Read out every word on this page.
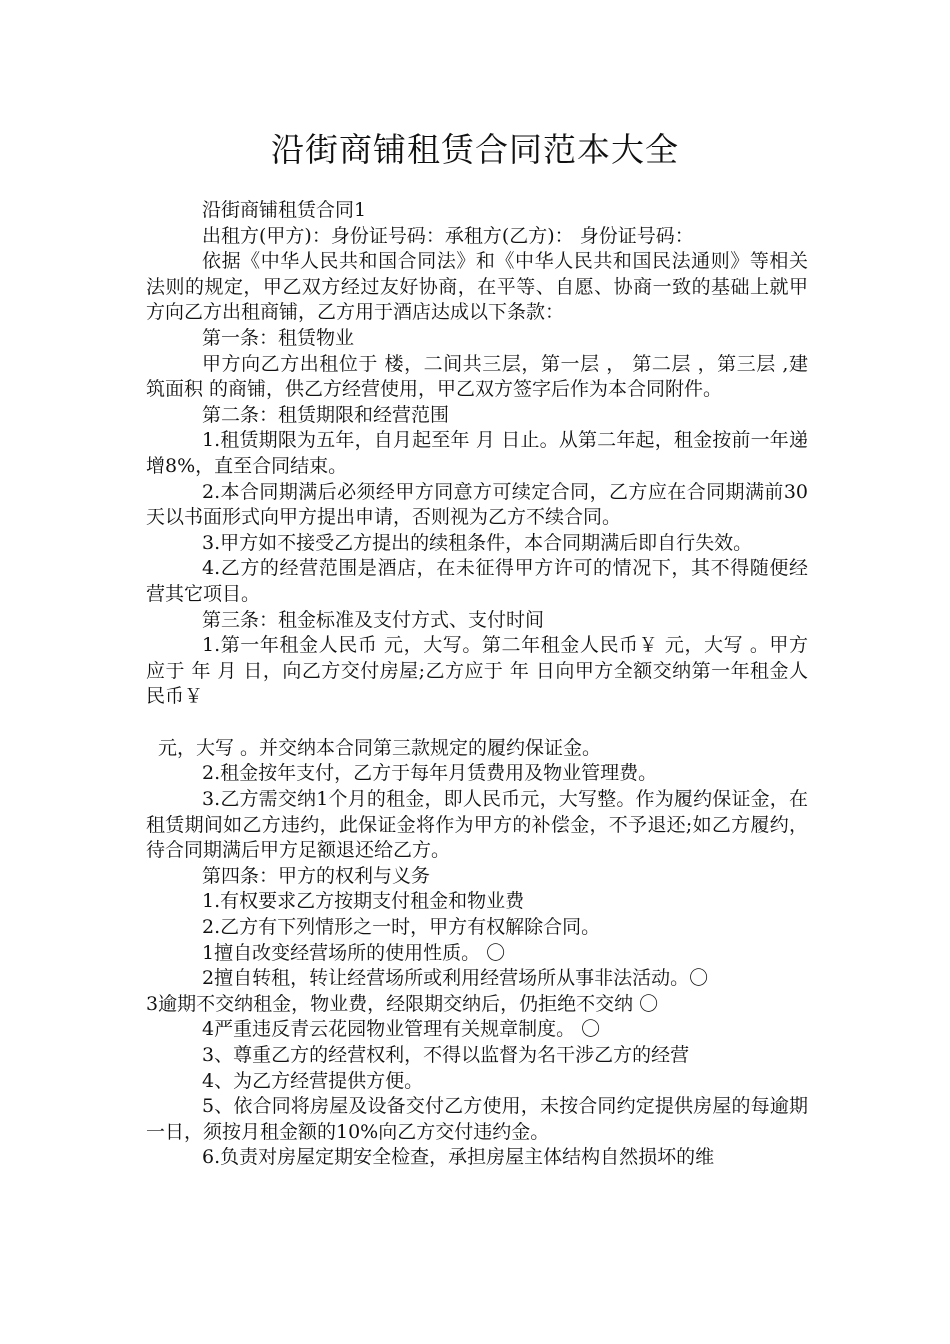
沿街商铺租赁合同范本大全

沿街商铺租赁合同1

出租方(甲方)：身份证号码：承租方(乙方)： 身份证号码：

依据《中华人民共和国合同法》和《中华人民共和国民法通则》等相关法则的规定，甲乙双方经过友好协商，在平等、自愿、协商一致的基础上就甲方向乙方出租商铺，乙方用于酒店达成以下条款：

第一条：租赁物业

甲方向乙方出租位于 楼，二间共三层，第一层 ， 第二层 ，第三层 ,建筑面积 的商铺，供乙方经营使用，甲乙双方签字后作为本合同附件。

第二条：租赁期限和经营范围

1.租赁期限为五年，自月起至年 月 日止。从第二年起，租金按前一年递增8%，直至合同结束。

2.本合同期满后必须经甲方同意方可续定合同，乙方应在合同期满前30天以书面形式向甲方提出申请，否则视为乙方不续合同。

3.甲方如不接受乙方提出的续租条件，本合同期满后即自行失效。

4.乙方的经营范围是酒店，在未征得甲方许可的情况下，其不得随便经营其它项目。

第三条：租金标准及支付方式、支付时间

1.第一年租金人民币 元，大写。第二年租金人民币￥ 元，大写 。甲方应于 年 月 日，向乙方交付房屋;乙方应于 年 日向甲方全额交纳第一年租金人民币￥

元，大写 。并交纳本合同第三款规定的履约保证金。

2.租金按年支付，乙方于每年月赁费用及物业管理费。

3.乙方需交纳1个月的租金，即人民币元，大写整。作为履约保证金，在租赁期间如乙方违约，此保证金将作为甲方的补偿金，不予退还;如乙方履约，待合同期满后甲方足额退还给乙方。

第四条：甲方的权利与义务

1.有权要求乙方按期支付租金和物业费

2.乙方有下列情形之一时，甲方有权解除合同。

1擅自改变经营场所的使用性质。 〇

2擅自转租，转让经营场所或利用经营场所从事非法活动。〇

3逾期不交纳租金，物业费，经限期交纳后，仍拒绝不交纳 〇

4严重违反青云花园物业管理有关规章制度。 〇

3、尊重乙方的经营权利，不得以监督为名干涉乙方的经营

4、为乙方经营提供方便。

5、依合同将房屋及设备交付乙方使用，未按合同约定提供房屋的每逾期一日，须按月租金额的10%向乙方交付违约金。

6.负责对房屋定期安全检查，承担房屋主体结构自然损坏的维
